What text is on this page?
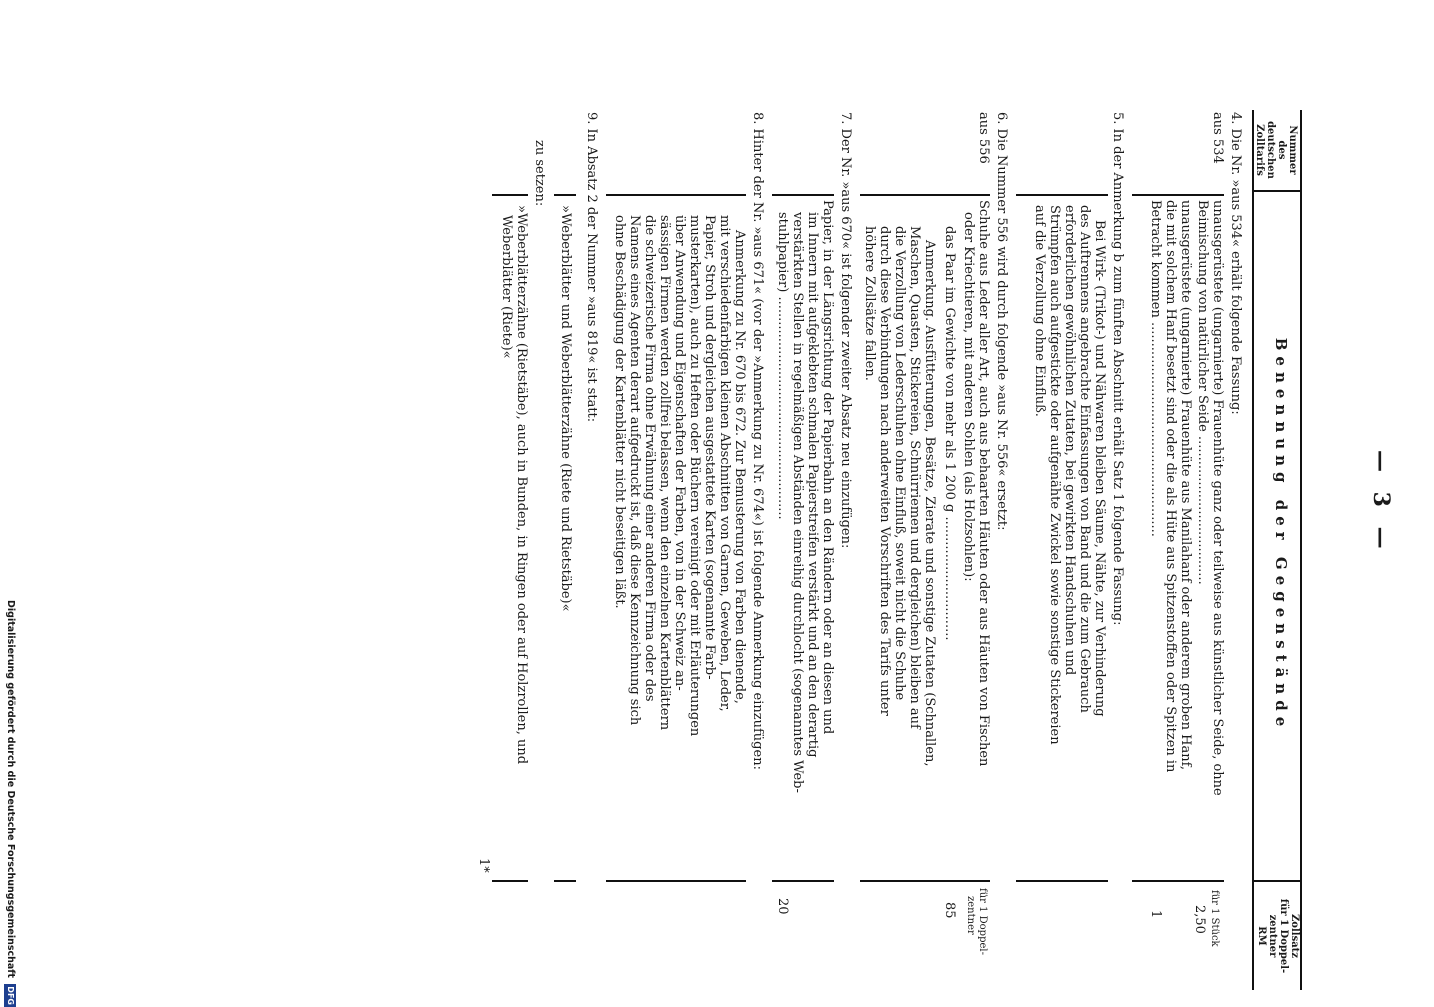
— 3 —
Nummer
des deutschen
Zolltarifs
Benennung der Gegenstände
Zollsatz
für 1 Doppel-
zentner
RM
4. Die Nr. »aus 534« erhält folgende Fassung:
aus 534
unausgerüstete (ungarnierte) Frauenhüte ganz oder teilweise aus künstlicher Seide, ohne
Beimischung von natürlicher Seide ....................................
unausgerüstete (ungarnierte) Frauenhüte aus Manilahanf oder anderem groben Hanf,
die mit solchem Hanf besetzt sind oder die als Hüte aus Spitzenstoffen oder Spitzen in
Betracht kommen ....................................................
für 1 Stück
2,50
1
5. In der Anmerkung b zum fünften Abschnitt erhält Satz 1 folgende Fassung:
Bei Wirk- (Trikot-) und Nähwaren bleiben Säume, Nähte, zur Verhinderung
des Auftrennens angebrachte Einfassungen von Band und die zum Gebrauch
erforderlichen gewöhnlichen Zutaten, bei gewirkten Handschuhen und
Strümpfen auch aufgestickte oder aufgenähte Zwickel sowie sonstige Stickereien
auf die Verzollung ohne Einfluß.
6. Die Nummer 556 wird durch folgende »aus Nr. 556« ersetzt:
aus 556
Schuhe aus Leder aller Art, auch aus behaarten Häuten oder aus Häuten von Fischen
oder Kriechtieren, mit anderen Sohlen (als Holzsohlen):
das Paar im Gewichte von mehr als 1 200 g ..............................
Anmerkung. Ausfütterungen, Besätze, Zierate und sonstige Zutaten (Schnallen,
Maschen, Quasten, Stickereien, Schnürriemen und dergleichen) bleiben auf
die Verzollung von Lederschuhen ohne Einfluß, soweit nicht die Schuhe
durch diese Verbindungen nach anderweiten Vorschriften des Tarifs unter
höhere Zollsätze fallen.
für 1 Doppel-
zentner
85
7. Der Nr. »aus 670« ist folgender zweiter Absatz neu einzufügen:
Papier, in der Längsrichtung der Papierbahn an den Rändern oder an diesen und
im Innern mit aufgeklebten schmalen Papierstreifen verstärkt und an den derartig
verstärkten Stellen in regelmäßigen Abständen einreihig durchlocht (sogenanntes Web-
stuhlpapier) ......................................................
20
8. Hinter der Nr. »aus 671« (vor der »Anmerkung zu Nr. 674«) ist folgende Anmerkung einzufügen:
Anmerkung zu Nr. 670 bis 672. Zur Bemusterung von Farben dienende,
mit verschiedenfarbigen kleinen Abschnitten von Garnen, Geweben, Leder,
Papier, Stroh und dergleichen ausgestattete Karten (sogenannte Farb-
musterkarten), auch zu Heften oder Büchern vereinigt oder mit Erläuterungen
über Anwendung und Eigenschaften der Farben, von in der Schweiz an-
sässigen Firmen werden zollfrei belassen, wenn den einzelnen Kartenblättern
die schweizerische Firma ohne Erwähnung einer anderen Firma oder des
Namens eines Agenten derart aufgedruckt ist, daß diese Kennzeichnung sich
ohne Beschädigung der Kartenblätter nicht beseitigen läßt.
9. In Absatz 2 der Nummer »aus 819« ist statt:
»Weberblätter und Weberblätterzähne (Riete und Rietstäbe)«
zu setzen:
»Weberblätterzähne (Rietstäbe), auch in Bunden, in Ringen oder auf Holzrollen, und
Weberblätter (Riete)«
1*
Digitalisierung gefördert durch die Deutsche Forschungsgemeinschaft DFG
